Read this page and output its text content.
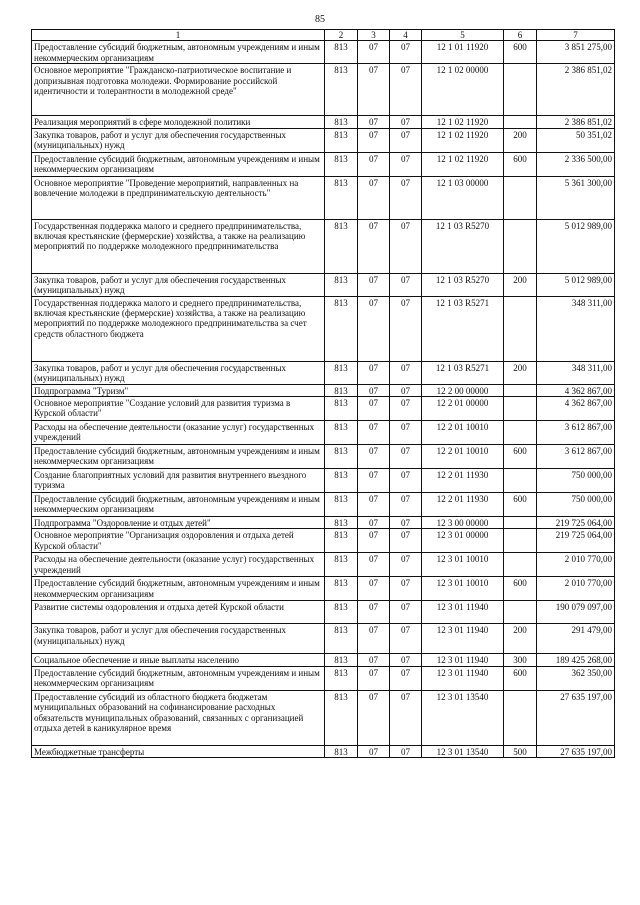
85
1	2	3	4	5	6	7
Предоставление субсидий бюджетным, автономным учреждениям и иным некоммерческим организациям	813	07	07	12 1 01 11920	600	3 851 275,00
Основное мероприятие "Гражданско-патриотическое воспитание и допризывная подготовка молодежи. Формирование российской идентичности и толерантности в молодежной среде"	813	07	07	12 1 02 00000		2 386 851,02
Реализация мероприятий в сфере молодежной политики	813	07	07	12 1 02 11920		2 386 851,02
Закупка товаров, работ и услуг для обеспечения государственных (муниципальных) нужд	813	07	07	12 1 02 11920	200	50 351,02
Предоставление субсидий бюджетным, автономным учреждениям и иным некоммерческим организациям	813	07	07	12 1 02 11920	600	2 336 500,00
Основное мероприятие "Проведение мероприятий, направленных на вовлечение молодежи в предпринимательскую деятельность"	813	07	07	12 1 03 00000		5 361 300,00
Государственная поддержка малого и среднего предпринимательства, включая крестьянские (фермерские) хозяйства, а также на реализацию мероприятий по поддержке молодежного предпринимательства	813	07	07	12 1 03 R5270		5 012 989,00
Закупка товаров, работ и услуг для обеспечения государственных (муниципальных) нужд	813	07	07	12 1 03 R5270	200	5 012 989,00
Государственная поддержка малого и среднего предпринимательства, включая крестьянские (фермерские) хозяйства, а также на реализацию мероприятий по поддержке молодежного предпринимательства за счет средств областного бюджета	813	07	07	12 1 03 R5271		348 311,00
Закупка товаров, работ и услуг для обеспечения государственных (муниципальных) нужд	813	07	07	12 1 03 R5271	200	348 311,00
Подпрограмма "Туризм"	813	07	07	12 2 00 00000		4 362 867,00
Основное мероприятие "Создание условий для развития туризма в Курской области"	813	07	07	12 2 01 00000		4 362 867,00
Расходы на обеспечение деятельности (оказание услуг) государственных учреждений	813	07	07	12 2 01 10010		3 612 867,00
Предоставление субсидий бюджетным, автономным учреждениям и иным некоммерческим организациям	813	07	07	12 2 01 10010	600	3 612 867,00
Создание благоприятных условий для развития внутреннего въездного туризма	813	07	07	12 2 01 11930		750 000,00
Предоставление субсидий бюджетным, автономным учреждениям и иным некоммерческим организациям	813	07	07	12 2 01 11930	600	750 000,00
Подпрограмма "Оздоровление и отдых детей"	813	07	07	12 3 00 00000		219 725 064,00
Основное мероприятие "Организация оздоровления и отдыха детей Курской области"	813	07	07	12 3 01 00000		219 725 064,00
Расходы на обеспечение деятельности (оказание услуг) государственных учреждений	813	07	07	12 3 01 10010		2 010 770,00
Предоставление субсидий бюджетным, автономным учреждениям и иным некоммерческим организациям	813	07	07	12 3 01 10010	600	2 010 770,00
Развитие системы оздоровления и отдыха детей Курской области	813	07	07	12 3 01 11940		190 079 097,00
Закупка товаров, работ и услуг для обеспечения государственных (муниципальных) нужд	813	07	07	12 3 01 11940	200	291 479,00
Социальное обеспечение и иные выплаты населению	813	07	07	12 3 01 11940	300	189 425 268,00
Предоставление субсидий бюджетным, автономным учреждениям и иным некоммерческим организациям	813	07	07	12 3 01 11940	600	362 350,00
Предоставление субсидий из областного бюджета бюджетам муниципальных образований на софинансирование расходных обязательств муниципальных образований, связанных с организацией отдыха детей в каникулярное время	813	07	07	12 3 01 13540		27 635 197,00
Межбюджетные трансферты	813	07	07	12 3 01 13540	500	27 635 197,00
